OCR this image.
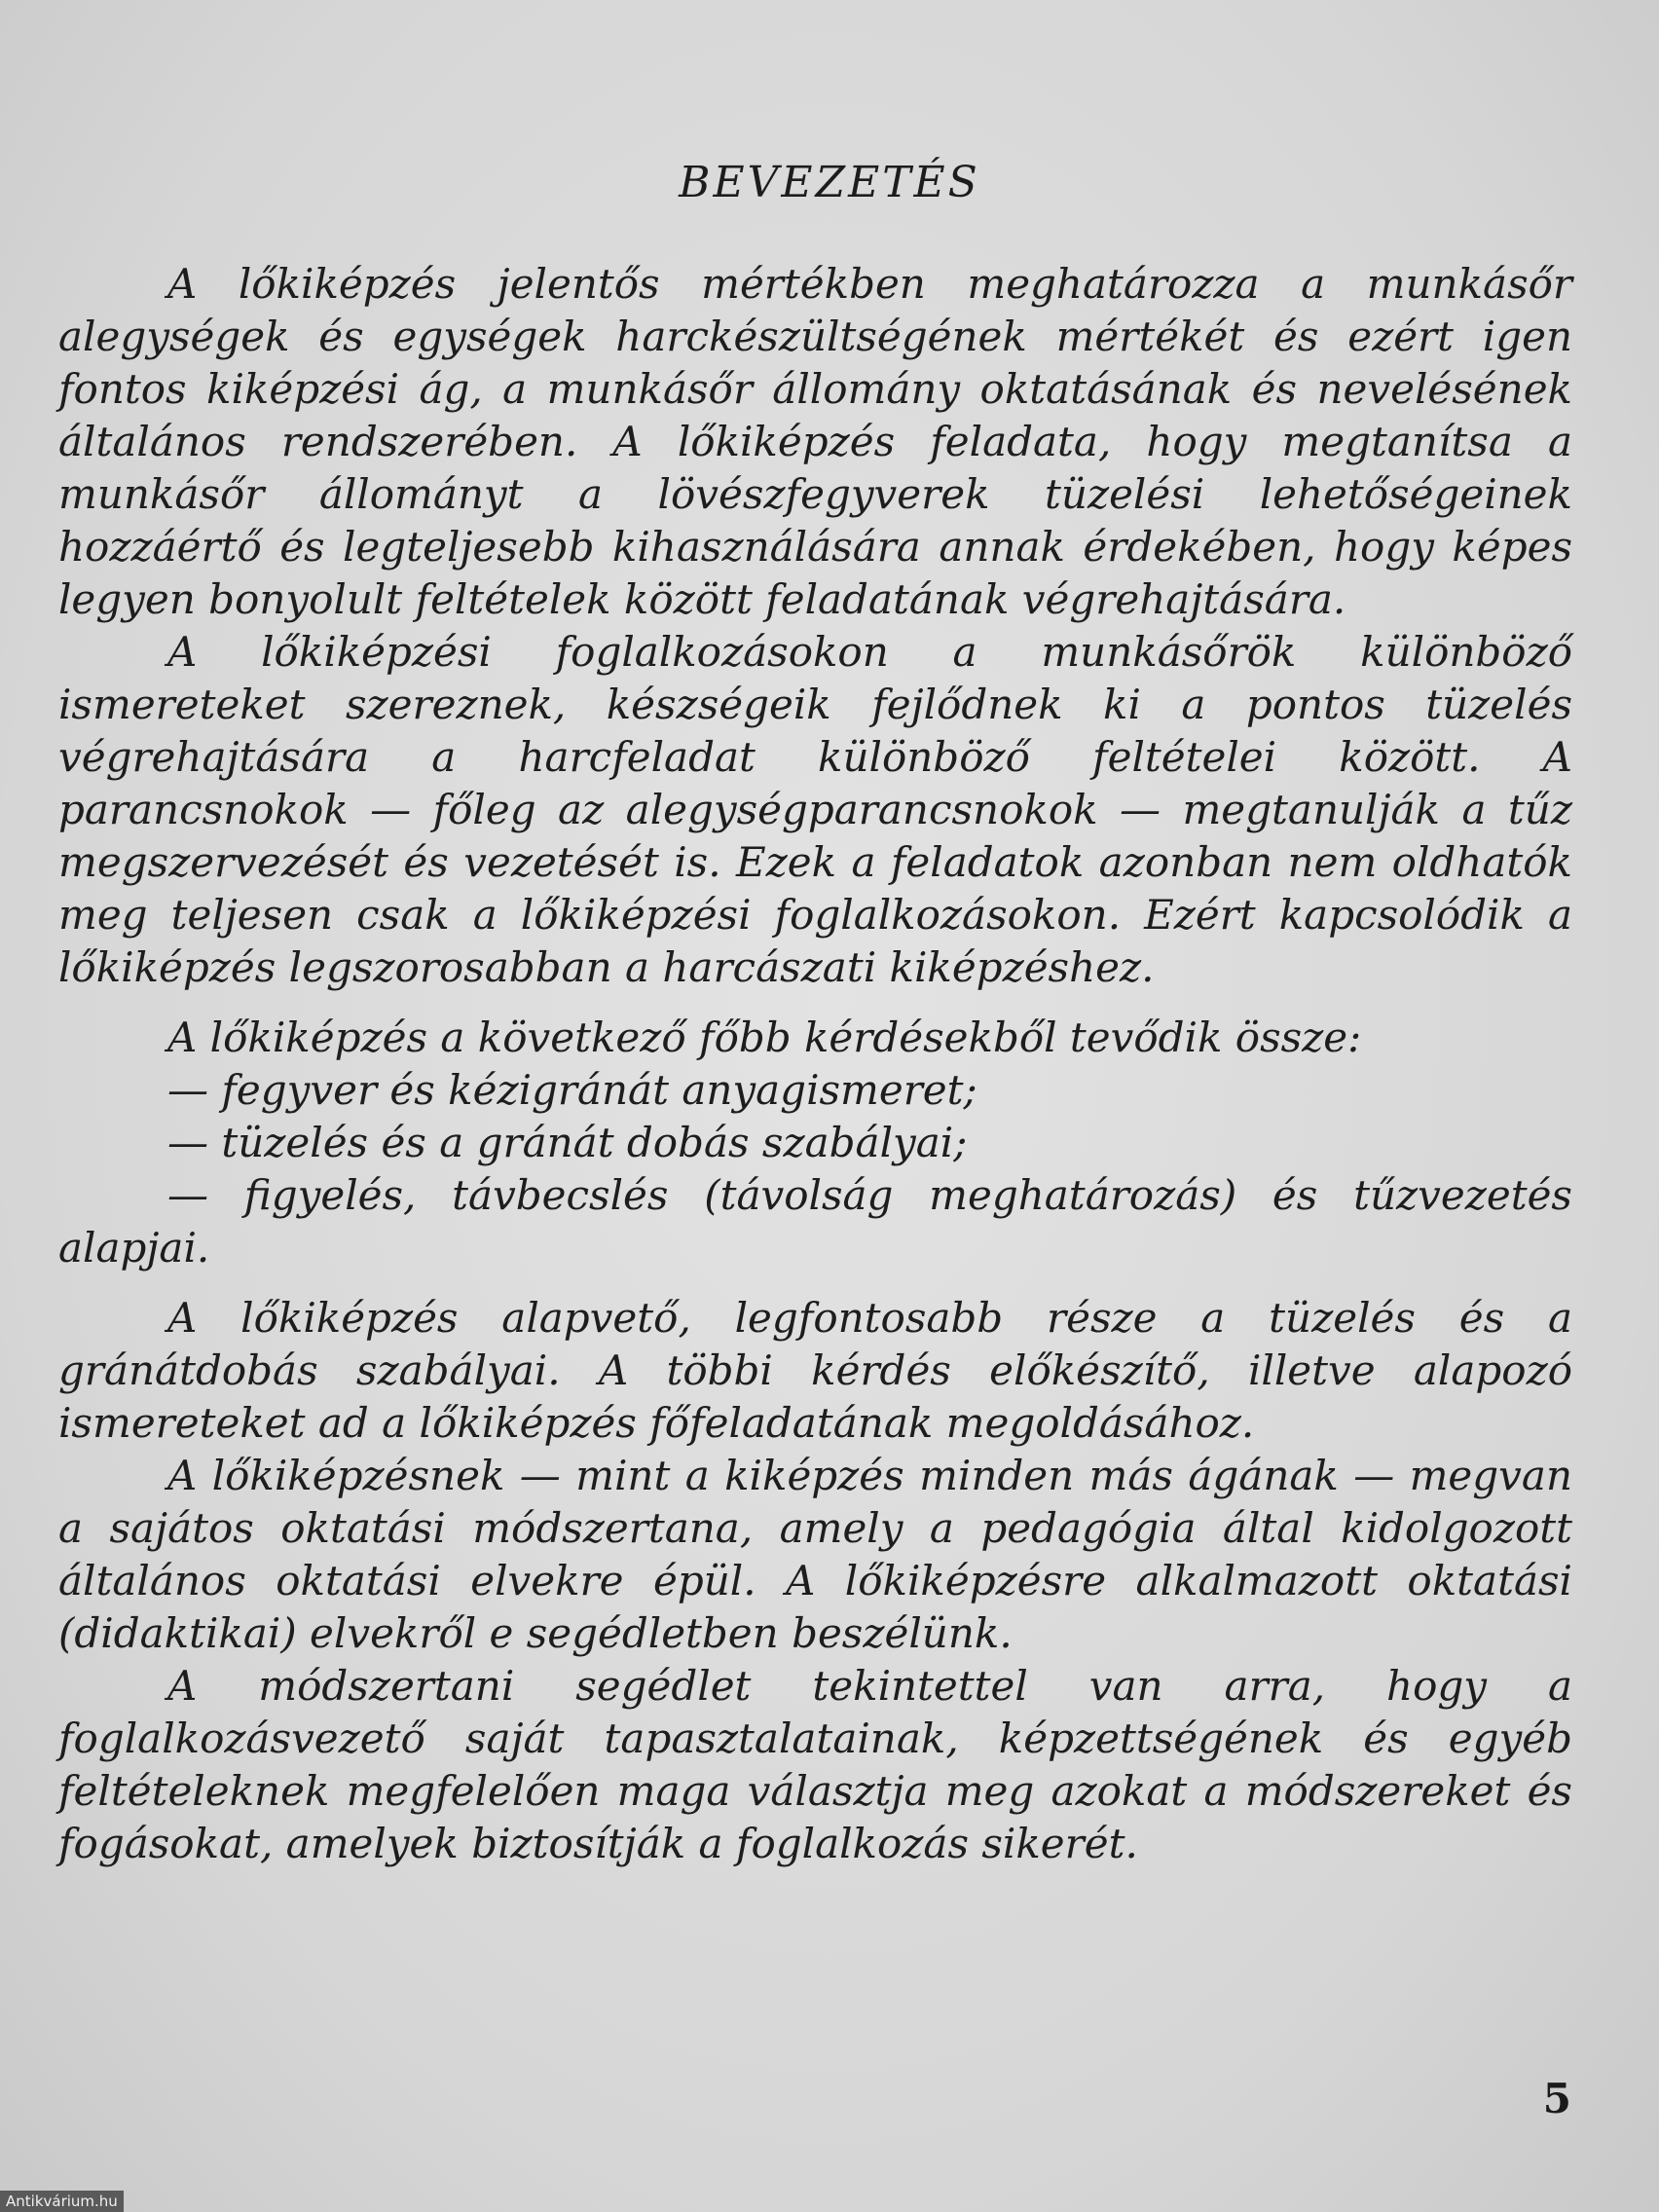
BEVEZETÉS

A lőkiképzés jelentős mértékben meghatározza a munkásőr alegységek és egységek harckészültségének mértékét és ezért igen fontos kiképzési ág, a munkásőr állomány oktatásának és nevelésének általános rendszerében. A lőkiképzés feladata, hogy megtanítsa a munkásőr állományt a lövészfegyverek tüzelési lehetőségeinek hozzáértő és legteljesebb kihasználására annak érdekében, hogy képes legyen bonyolult feltételek között feladatának végrehajtására.

A lőkiképzési foglalkozásokon a munkásőrök különböző ismereteket szereznek, készségeik fejlődnek ki a pontos tüzelés végrehajtására a harcfeladat különböző feltételei között. A parancsnokok — főleg az alegységparancsnokok — megtanulják a tűz megszervezését és vezetését is. Ezek a feladatok azonban nem oldhatók meg teljesen csak a lőkiképzési foglalkozásokon. Ezért kapcsolódik a lőkiképzés legszorosabban a harcászati kiképzéshez.

A lőkiképzés a következő főbb kérdésekből tevődik össze:

— fegyver és kézigránát anyagismeret;

— tüzelés és a gránát dobás szabályai;

— figyelés, távbecslés (távolság meghatározás) és tűzvezetés alapjai.

A lőkiképzés alapvető, legfontosabb része a tüzelés és a gránátdobás szabályai. A többi kérdés előkészítő, illetve alapozó ismereteket ad a lőkiképzés főfeladatának megoldásához.

A lőkiképzésnek — mint a kiképzés minden más ágának — megvan a sajátos oktatási módszertana, amely a pedagógia által kidolgozott általános oktatási elvekre épül. A lőkiképzésre alkalmazott oktatási (didaktikai) elvekről e segédletben beszélünk.

A módszertani segédlet tekintettel van arra, hogy a foglalkozásvezető saját tapasztalatainak, képzettségének és egyéb feltételeknek megfelelően maga választja meg azokat a módszereket és fogásokat, amelyek biztosítják a foglalkozás sikerét.

5
Antikvárium.hu
